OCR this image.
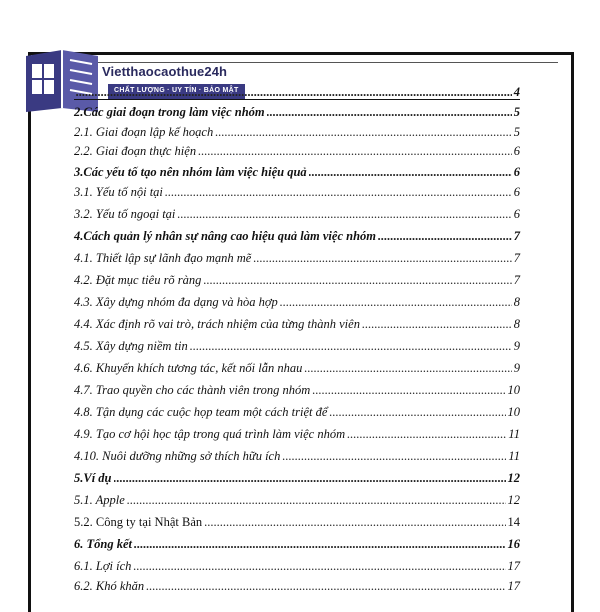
Vietthaocaothue24h
CHẤT LƯỢNG · UY TÍN · BẢO MẬT .....	4
2.Các giai đoạn trong làm việc nhóm .....	5
2.1. Giai đoạn lập kế hoạch .....	5
2.2. Giai đoạn thực hiện .....	6
3.Các yếu tố tạo nên nhóm làm việc hiệu quả .....	6
3.1. Yếu tố nội tại .....	6
3.2. Yếu tố ngoại tại .....	6
4.Cách quản lý nhân sự nâng cao hiệu quả làm việc nhóm .....	7
4.1. Thiết lập sự lãnh đạo mạnh mẽ .....	7
4.2. Đặt mục tiêu rõ ràng .....	7
4.3. Xây dựng nhóm đa dạng và hòa hợp .....	8
4.4. Xác định rõ vai trò, trách nhiệm của từng thành viên .....	8
4.5. Xây dựng niềm tin .....	9
4.6. Khuyến khích tương tác, kết nối lẫn nhau .....	9
4.7. Trao quyền cho các thành viên trong nhóm .....	10
4.8. Tận dụng các cuộc họp team một cách triệt để .....	10
4.9. Tạo cơ hội học tập trong quá trình làm việc nhóm .....	11
4.10. Nuôi dưỡng những sở thích hữu ích .....	11
5.Ví dụ .....	12
5.1. Apple .....	12
5.2. Công ty tại Nhật Bản .....	14
6. Tổng kết .....	16
6.1. Lợi ích .....	17
6.2. Khó khăn .....	17
